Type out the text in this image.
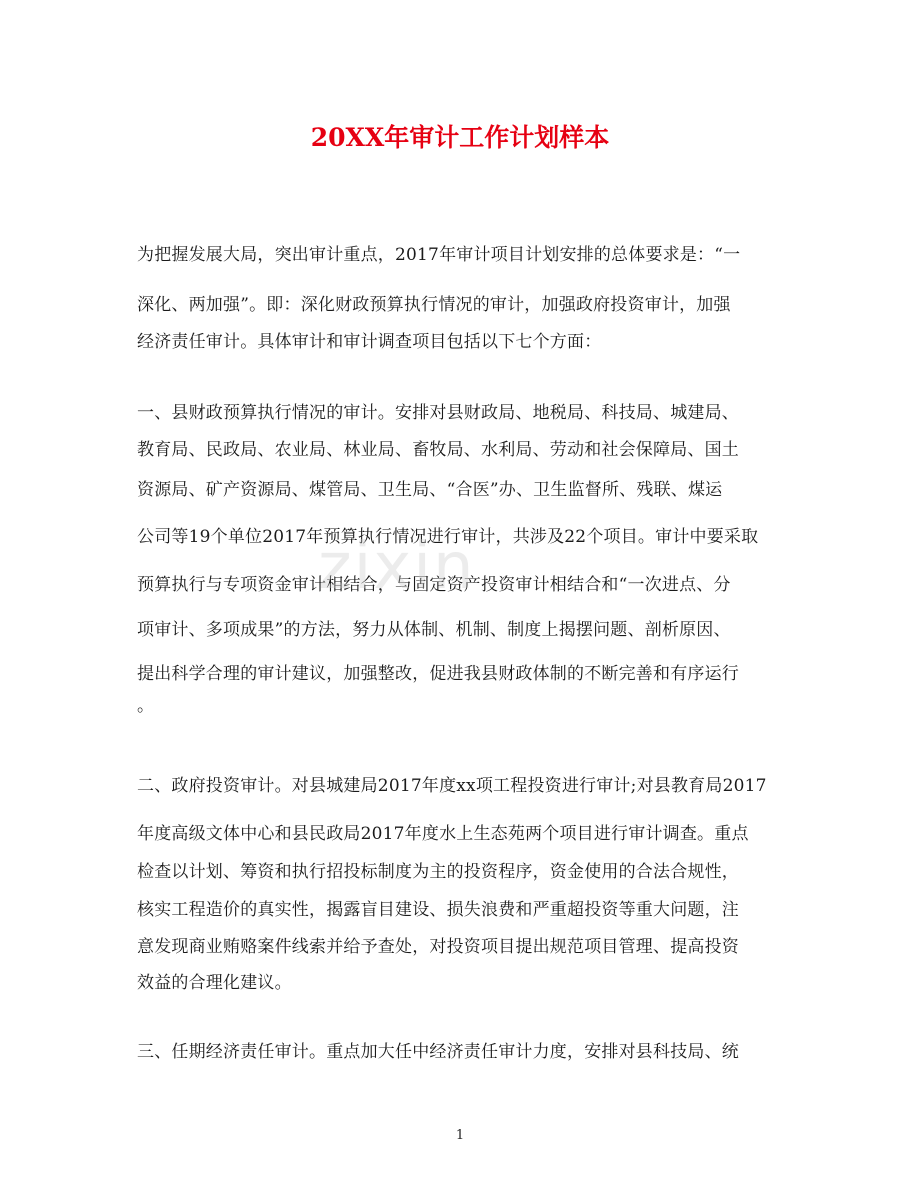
20XX年审计工作计划样本
为把握发展大局，突出审计重点，2017年审计项目计划安排的总体要求是：“一
深化、两加强”。即：深化财政预算执行情况的审计，加强政府投资审计，加强
经济责任审计。具体审计和审计调查项目包括以下七个方面：
一、县财政预算执行情况的审计。安排对县财政局、地税局、科技局、城建局、
教育局、民政局、农业局、林业局、畜牧局、水利局、劳动和社会保障局、国土
资源局、矿产资源局、煤管局、卫生局、“合医”办、卫生监督所、残联、煤运
公司等19个单位2017年预算执行情况进行审计，共涉及22个项目。审计中要采取
预算执行与专项资金审计相结合，与固定资产投资审计相结合和“一次进点、分
项审计、多项成果”的方法，努力从体制、机制、制度上揭摆问题、剖析原因、
提出科学合理的审计建议，加强整改，促进我县财政体制的不断完善和有序运行
。
二、政府投资审计。对县城建局2017年度xx项工程投资进行审计;对县教育局2017
年度高级文体中心和县民政局2017年度水上生态苑两个项目进行审计调查。重点
检查以计划、筹资和执行招投标制度为主的投资程序，资金使用的合法合规性，
核实工程造价的真实性，揭露盲目建设、损失浪费和严重超投资等重大问题，注
意发现商业贿赂案件线索并给予查处，对投资项目提出规范项目管理、提高投资
效益的合理化建议。
三、任期经济责任审计。重点加大任中经济责任审计力度，安排对县科技局、统
zixin
1
